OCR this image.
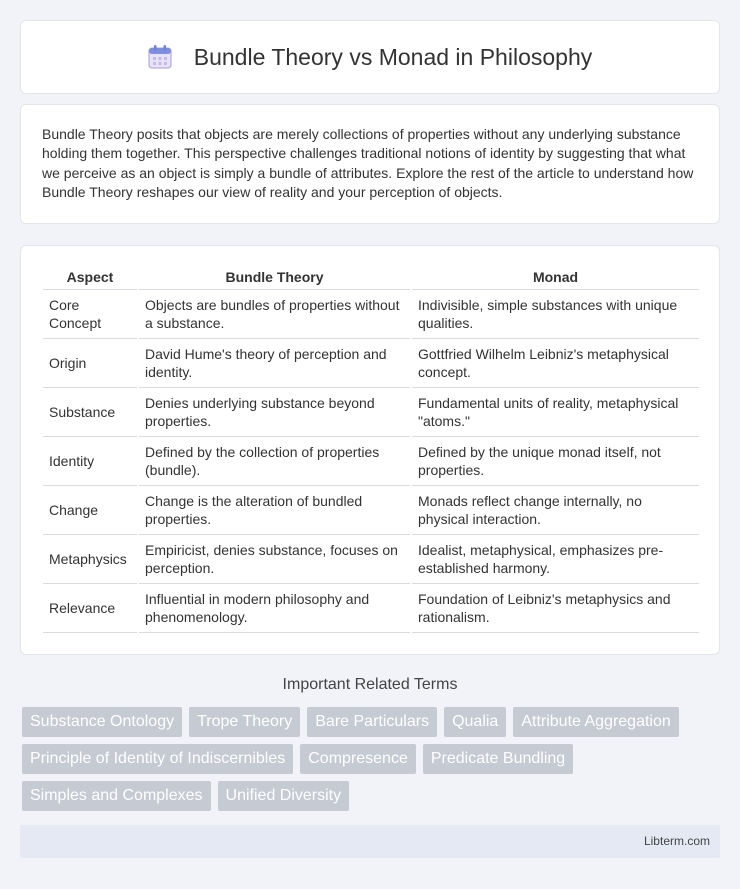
Bundle Theory vs Monad in Philosophy

Bundle Theory posits that objects are merely collections of properties without any underlying substance holding them together. This perspective challenges traditional notions of identity by suggesting that what we perceive as an object is simply a bundle of attributes. Explore the rest of the article to understand how Bundle Theory reshapes our view of reality and your perception of objects.

Aspect	Bundle Theory	Monad
Core Concept	Objects are bundles of properties without a substance.	Indivisible, simple substances with unique qualities.
Origin	David Hume's theory of perception and identity.	Gottfried Wilhelm Leibniz's metaphysical concept.
Substance	Denies underlying substance beyond properties.	Fundamental units of reality, metaphysical "atoms."
Identity	Defined by the collection of properties (bundle).	Defined by the unique monad itself, not properties.
Change	Change is the alteration of bundled properties.	Monads reflect change internally, no physical interaction.
Metaphysics	Empiricist, denies substance, focuses on perception.	Idealist, metaphysical, emphasizes pre-established harmony.
Relevance	Influential in modern philosophy and phenomenology.	Foundation of Leibniz's metaphysics and rationalism.
Important Related Terms
Substance Ontology	Trope Theory	Bare Particulars	Qualia	Attribute Aggregation
Principle of Identity of Indiscernibles	Compresence	Predicate Bundling
Simples and Complexes	Unified Diversity
Libterm.com
